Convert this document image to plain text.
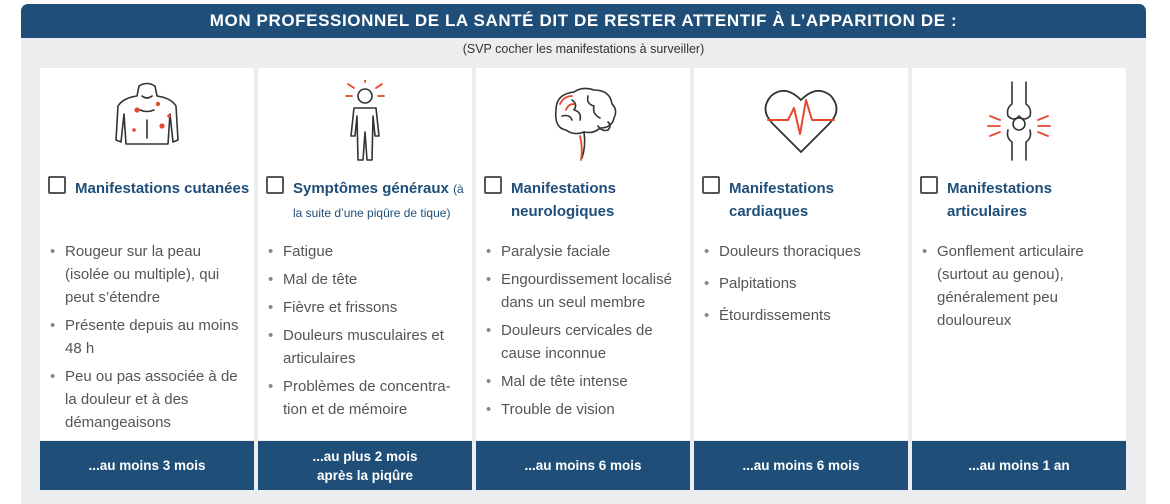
MON PROFESSIONNEL DE LA SANTÉ DIT DE RESTER ATTENTIF À L’APPARITION DE :
(SVP cocher les manifestations à surveiller)
Manifestations cutanées
• Rougeur sur la peau (isolée ou multiple), qui peut s’étendre
• Présente depuis au moins 48 h
• Peu ou pas associée à de la douleur et à des démangeaisons
Symptômes généraux (à la suite d’une piqûre de tique)
• Fatigue
• Mal de tête
• Fièvre et frissons
• Douleurs musculaires et articulaires
• Problèmes de concentra- tion et de mémoire
Manifestations neurologiques
• Paralysie faciale
• Engourdissement localisé dans un seul membre
• Douleurs cervicales de cause inconnue
• Mal de tête intense
• Trouble de vision
Manifestations cardiaques
• Douleurs thoraciques
• Palpitations
• Étourdissements
Manifestations articulaires
• Gonflement articulaire (surtout au genou), généralement peu douloureux
...au moins 3 mois
...au plus 2 mois
après la piqûre
...au moins 6 mois	...au moins 6 mois	...au moins 1 an
